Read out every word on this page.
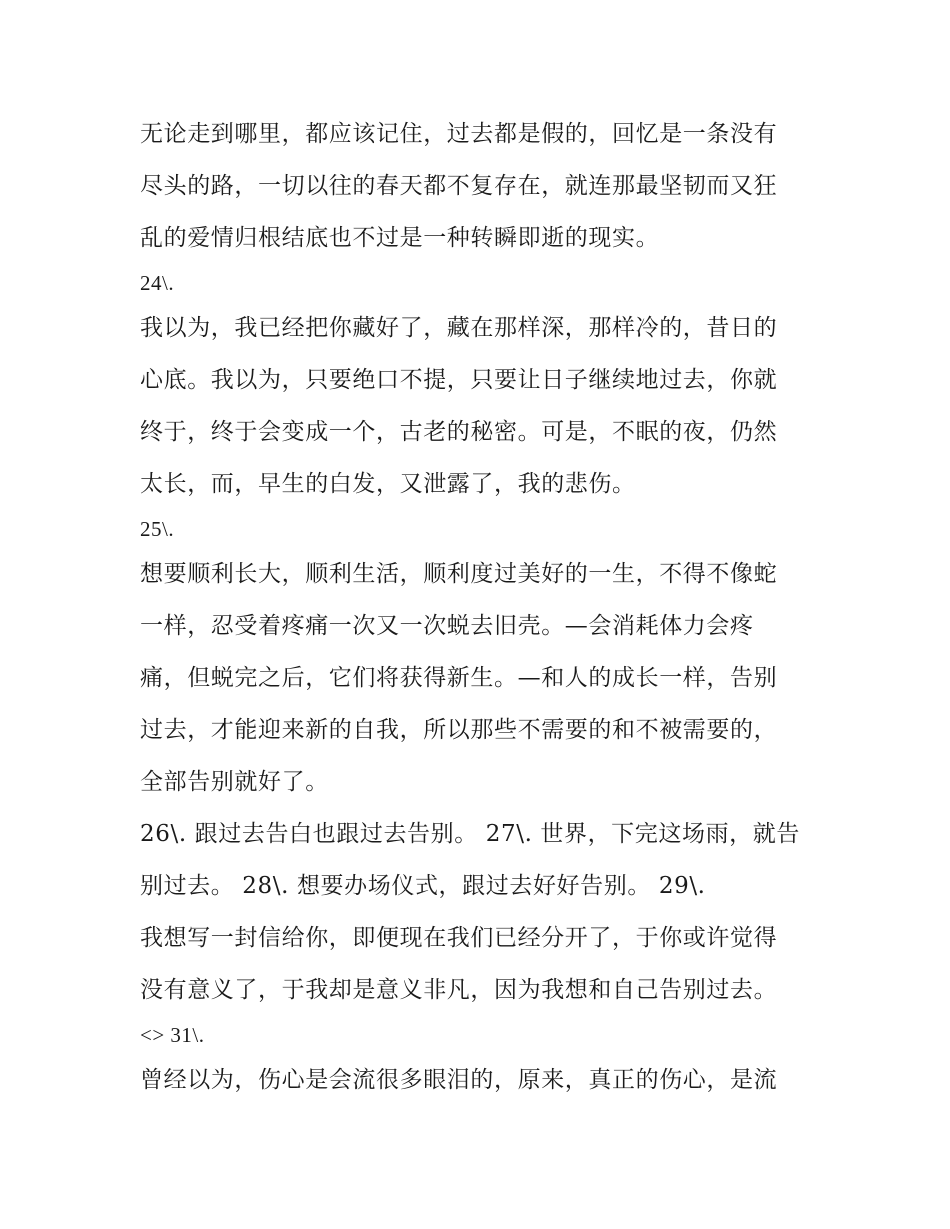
无论走到哪里，都应该记住，过去都是假的，回忆是一条没有
尽头的路，一切以往的春天都不复存在，就连那最坚韧而又狂
乱的爱情归根结底也不过是一种转瞬即逝的现实。

24\.

我以为，我已经把你藏好了，藏在那样深，那样冷的，昔日的
心底。我以为，只要绝口不提，只要让日子继续地过去，你就
终于，终于会变成一个，古老的秘密。可是，不眠的夜，仍然
太长，而，早生的白发，又泄露了，我的悲伤。

25\.

想要顺利长大，顺利生活，顺利度过美好的一生，不得不像蛇
一样，忍受着疼痛一次又一次蜕去旧壳。—会消耗体力会疼
痛，但蜕完之后，它们将获得新生。—和人的成长一样，告别
过去，才能迎来新的自我，所以那些不需要的和不被需要的，
全部告别就好了。

26\. 跟过去告白也跟过去告别。 27\. 世界，下完这场雨，就告
别过去。 28\. 想要办场仪式，跟过去好好告别。 29\.

我想写一封信给你，即便现在我们已经分开了，于你或许觉得
没有意义了，于我却是意义非凡，因为我想和自己告别过去。

<> 31\.

曾经以为，伤心是会流很多眼泪的，原来，真正的伤心，是流
